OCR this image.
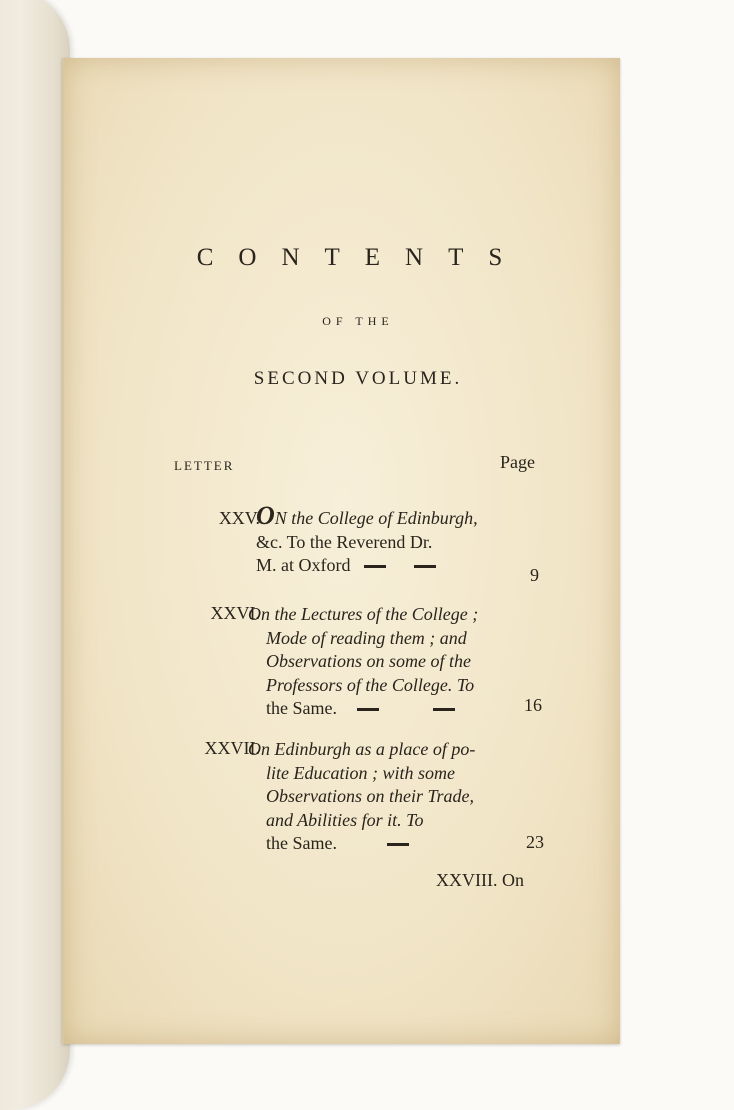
CONTENTS
OF THE
SECOND VOLUME.
LETTER	Page
XXV.
ON the College of Edinburgh,
&c. To the Reverend Dr.
M. at Oxford	9
XXVI.
On the Lectures of the College ;
Mode of reading them ; and
Observations on some of the
Professors of the College. To
the Same.	16
XXVII.
On Edinburgh as a place of po-
lite Education ; with some
Observations on their Trade,
and Abilities for it. To
the Same.	23
XXVIII. On
